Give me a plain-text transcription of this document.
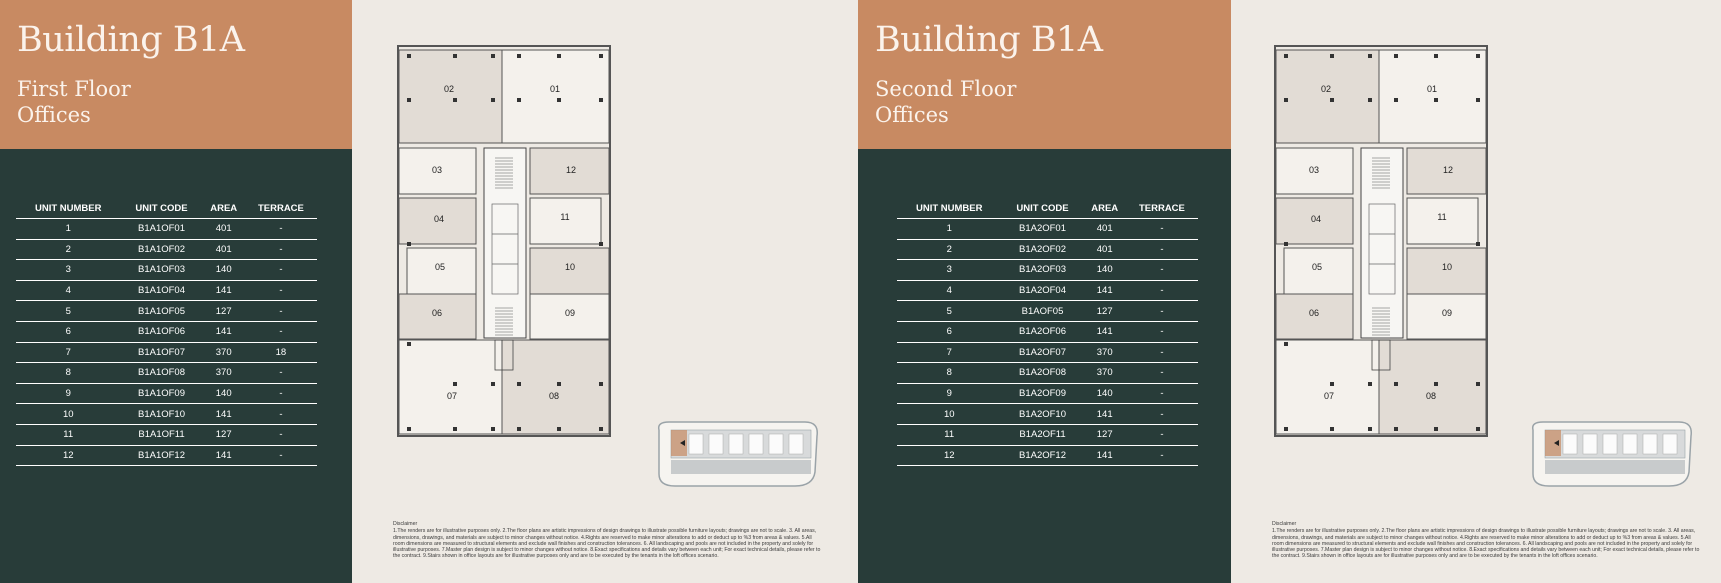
Building B1A
First Floor
Offices
UNIT NUMBER	UNIT CODE	AREA	TERRACE
1	B1A1OF01	401	-
2	B1A1OF02	401	-
3	B1A1OF03	140	-
4	B1A1OF04	141	-
5	B1A1OF05	127	-
6	B1A1OF06	141	-
7	B1A1OF07	370	18
8	B1A1OF08	370	-
9	B1A1OF09	140	-
10	B1A1OF10	141	-
11	B1A1OF11	127	-
12	B1A1OF12	141	-
01
02
03
04
05
06
07	08
09
10
11
12
Disclaimer
1.The renders are for illustrative purposes only. 2.The floor plans are artistic impressions of design drawings to illustrate possible furniture layouts; drawings are not to scale. 3. All areas, dimensions, drawings, and materials are subject to minor changes without notice. 4.Rights are reserved to make minor alterations to add or deduct up to %3 from areas & values. 5.All room dimensions are measured to structural elements and exclude wall finishes and construction tolerances. 6. All landscaping and pools are not included in the property and solely for illustrative purposes. 7.Master plan design is subject to minor changes without notice. 8.Exact specifications and details vary between each unit; For exact technical details, please refer to the contract. 9.Stairs shown in office layouts are for illustrative purposes only and are to be executed by the tenants in the loft offices scenario.
Building B1A
Second Floor
Offices
UNIT NUMBER	UNIT CODE	AREA	TERRACE
1	B1A2OF01	401	-
2	B1A2OF02	401	-
3	B1A2OF03	140	-
4	B1A2OF04	141	-
5	B1AOF05	127	-
6	B1A2OF06	141	-
7	B1A2OF07	370	-
8	B1A2OF08	370	-
9	B1A2OF09	140	-
10	B1A2OF10	141	-
11	B1A2OF11	127	-
12	B1A2OF12	141	-
01
02
03
04
05
06
07	08
09
10
11
12
Disclaimer
1.The renders are for illustrative purposes only. 2.The floor plans are artistic impressions of design drawings to illustrate possible furniture layouts; drawings are not to scale. 3. All areas, dimensions, drawings, and materials are subject to minor changes without notice. 4.Rights are reserved to make minor alterations to add or deduct up to %3 from areas & values. 5.All room dimensions are measured to structural elements and exclude wall finishes and construction tolerances. 6. All landscaping and pools are not included in the property and solely for illustrative purposes. 7.Master plan design is subject to minor changes without notice. 8.Exact specifications and details vary between each unit; For exact technical details, please refer to the contract. 9.Stairs shown in office layouts are for illustrative purposes only and are to be executed by the tenants in the loft offices scenario.
